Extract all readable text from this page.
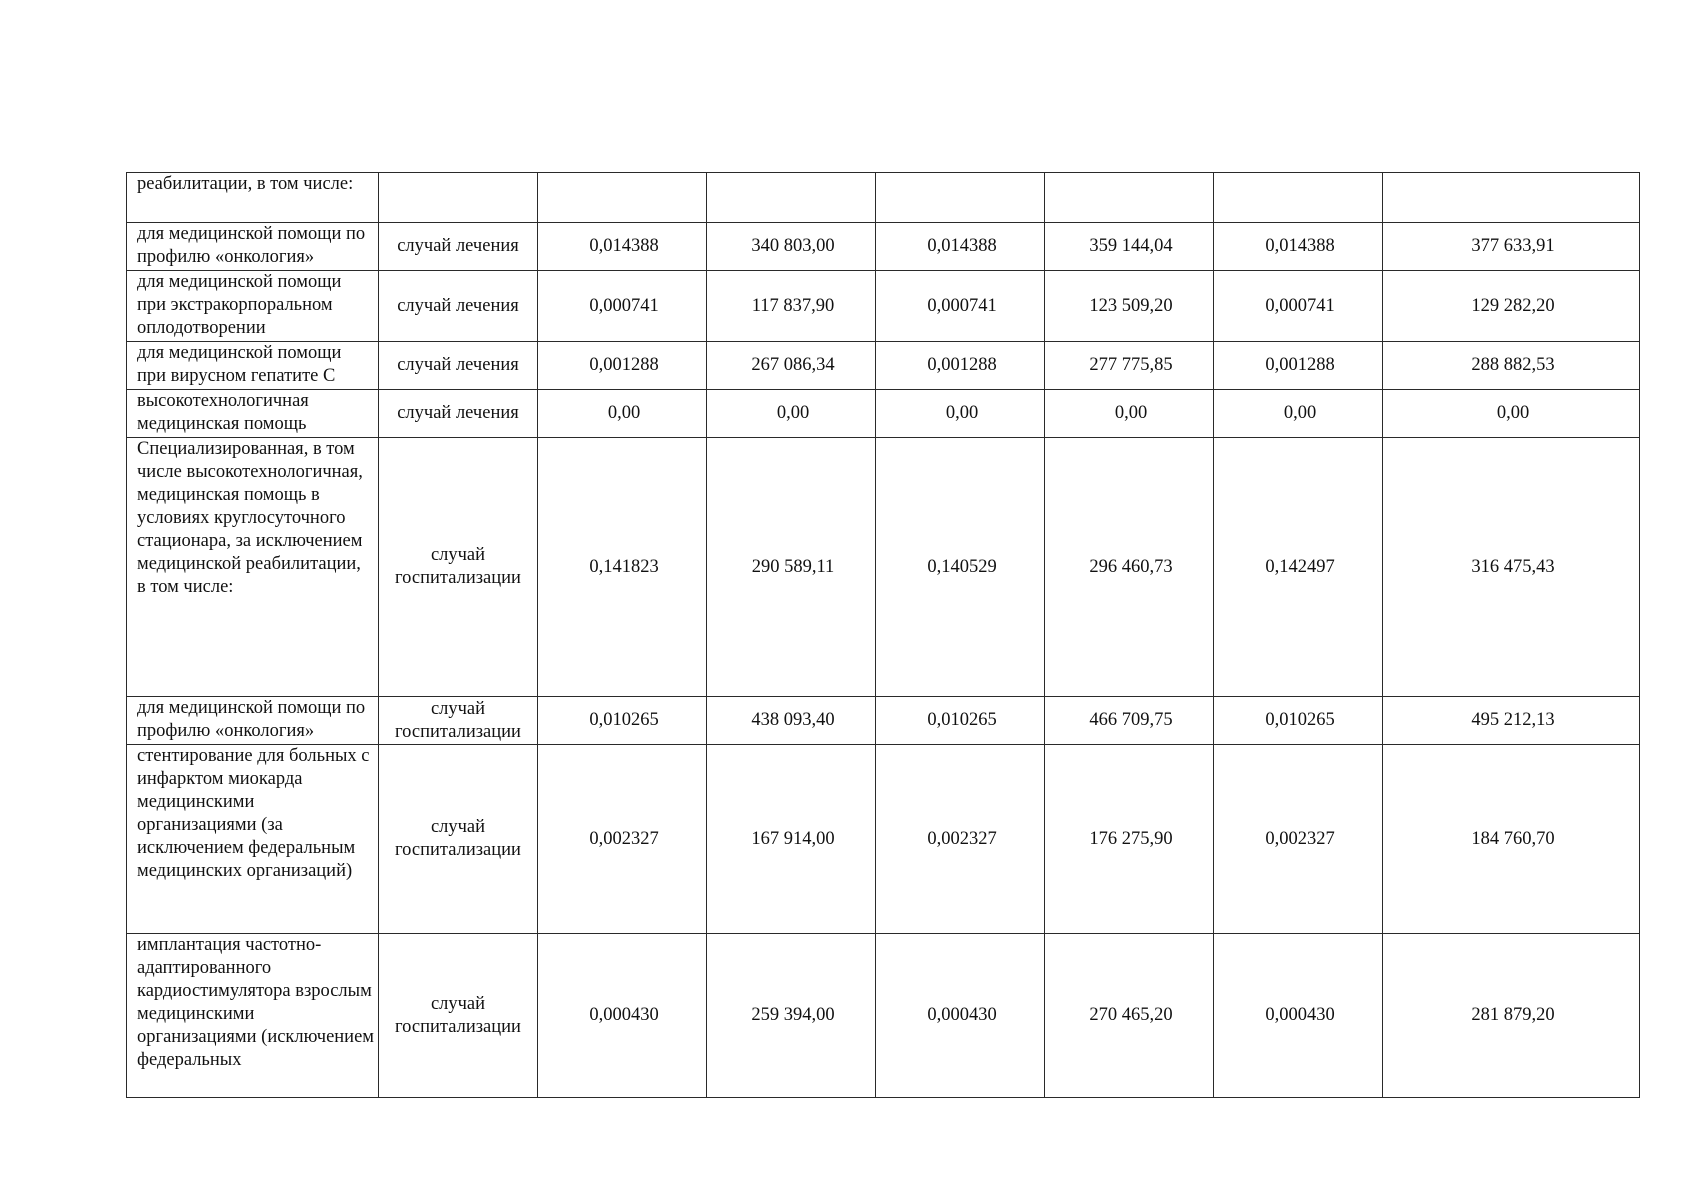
реабилитации, в том числе:							
для медицинской помощи по профилю «онкология»	случай лечения	0,014388	340 803,00	0,014388	359 144,04	0,014388	377 633,91
для медицинской помощи при экстракорпоральном оплодотворении	случай лечения	0,000741	117 837,90	0,000741	123 509,20	0,000741	129 282,20
для медицинской помощи при вирусном гепатите С	случай лечения	0,001288	267 086,34	0,001288	277 775,85	0,001288	288 882,53
высокотехнологичная медицинская помощь	случай лечения	0,00	0,00	0,00	0,00	0,00	0,00
Специализированная, в том числе высокотехнологичная, медицинская помощь в условиях круглосуточного стационара, за исключением медицинской реабилитации, в том числе:	случай госпитализации	0,141823	290 589,11	0,140529	296 460,73	0,142497	316 475,43
для медицинской помощи по профилю «онкология»	случай госпитализации	0,010265	438 093,40	0,010265	466 709,75	0,010265	495 212,13
стентирование для больных с инфарктом миокарда медицинскими организациями (за исключением федеральным медицинских организаций)	случай госпитализации	0,002327	167 914,00	0,002327	176 275,90	0,002327	184 760,70
имплантация частотно-адаптированного кардиостимулятора взрослым медицинскими организациями (исключением федеральных	случай госпитализации	0,000430	259 394,00	0,000430	270 465,20	0,000430	281 879,20
